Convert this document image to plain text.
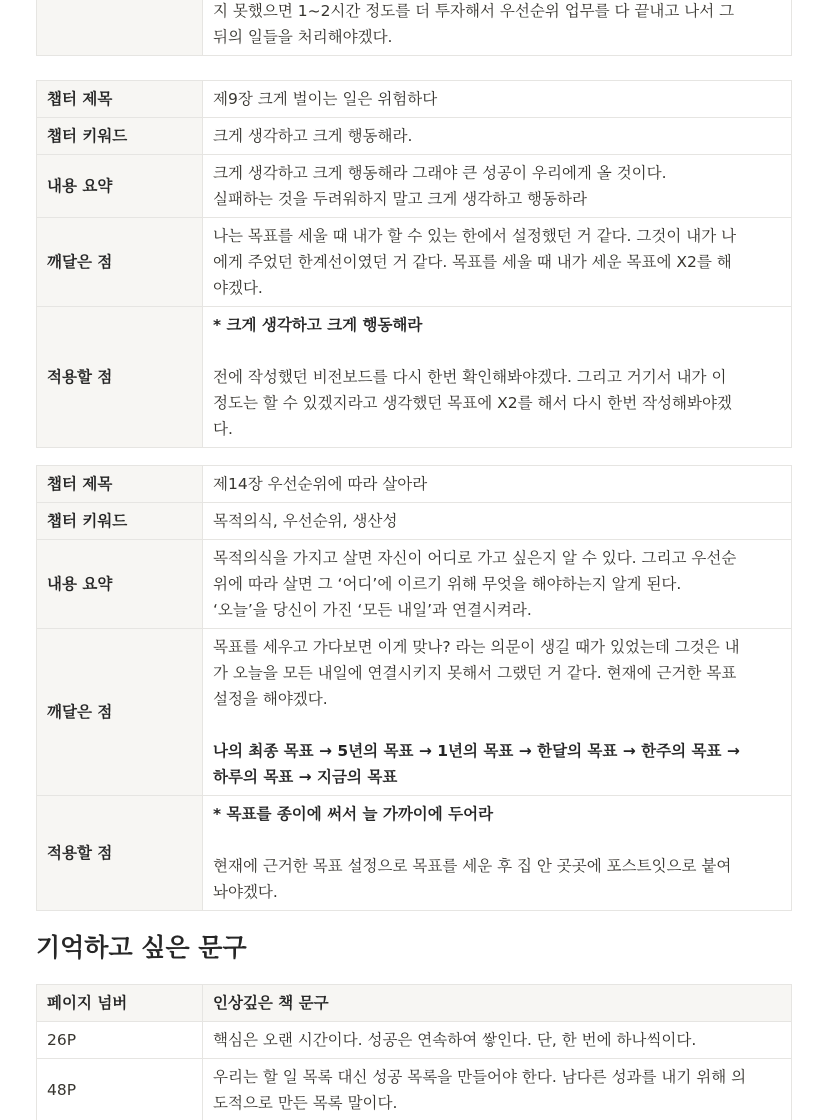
지 못했으면 1~2시간 정도를 더 투자해서 우선순위 업무를 다 끝내고 나서 그
뒤의 일들을 처리해야겠다.
챕터 제목	제9장 크게 벌이는 일은 위험하다
챕터 키워드	크게 생각하고 크게 행동해라.
내용 요약	크게 생각하고 크게 행동해라 그래야 큰 성공이 우리에게 올 것이다.
실패하는 것을 두려워하지 말고 크게 생각하고 행동하라

깨달은 점	나는 목표를 세울 때 내가 할 수 있는 한에서 설정했던 거 같다. 그것이 내가 나
에게 주었던 한계선이였던 거 같다. 목표를 세울 때 내가 세운 목표에 X2를 해
야겠다.

적용할 점	* 크게 생각하고 크게 행동해라
전에 작성했던 비전보드를 다시 한번 확인해봐야겠다. 그리고 거기서 내가 이
정도는 할 수 있겠지라고 생각했던 목표에 X2를 해서 다시 한번 작성해봐야겠
다.
챕터 제목	제14장 우선순위에 따라 살아라
챕터 키워드	목적의식, 우선순위, 생산성
내용 요약	목적의식을 가지고 살면 자신이 어디로 가고 싶은지 알 수 있다. 그리고 우선순
위에 따라 살면 그 ‘어디’에 이르기 위해 무엇을 해야하는지 알게 된다.
‘오늘’을 당신이 가진 ‘모든 내일’과 연결시켜라.

깨달은 점	목표를 세우고 가다보면 이게 맞나? 라는 의문이 생길 때가 있었는데 그것은 내
가 오늘을 모든 내일에 연결시키지 못해서 그랬던 거 같다. 현재에 근거한 목표
설정을 해야겠다.
나의 최종 목표 → 5년의 목표 → 1년의 목표 → 한달의 목표 → 한주의 목표 →
하루의 목표 → 지금의 목표

적용할 점	* 목표를 종이에 써서 늘 가까이에 두어라
현재에 근거한 목표 설정으로 목표를 세운 후 집 안 곳곳에 포스트잇으로 붙여
놔야겠다.
기억하고 싶은 문구
페이지 넘버	인상깊은 책 문구
26P	핵심은 오랜 시간이다. 성공은 연속하여 쌓인다. 단, 한 번에 하나씩이다.

48P	우리는 할 일 목록 대신 성공 목록을 만들어야 한다. 남다른 성과를 내기 위해 의
도적으로 만든 목록 말이다.
